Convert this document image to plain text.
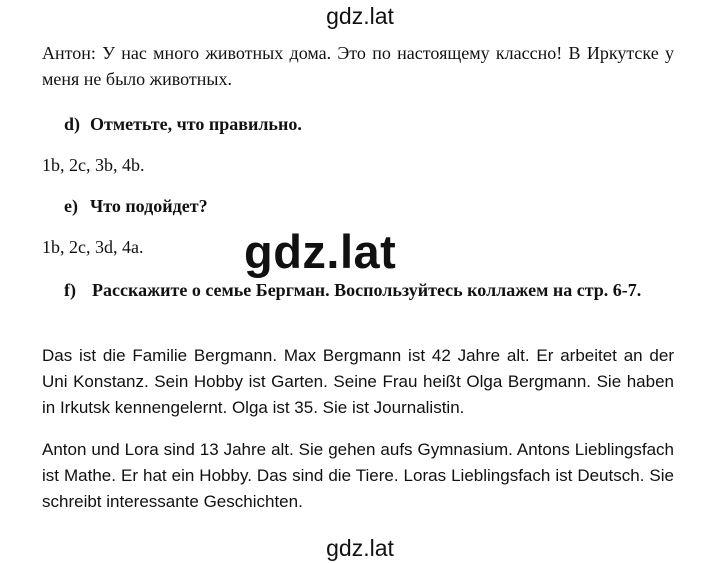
gdz.lat
Антон: У нас много животных дома. Это по настоящему классно! В Иркутске у меня не было животных.
d) Отметьте, что правильно.
1b, 2c, 3b, 4b.
e) Что подойдет?
1b, 2c, 3d, 4a. gdz.lat
f) Расскажите о семье Бергман. Воспользуйтесь коллажем на стр. 6-7.
Das ist die Familie Bergmann. Max Bergmann ist 42 Jahre alt. Er arbeitet an der Uni Konstanz. Sein Hobby ist Garten. Seine Frau heißt Olga Bergmann. Sie haben in Irkutsk kennengelernt. Olga ist 35. Sie ist Journalistin.
Anton und Lora sind 13 Jahre alt. Sie gehen aufs Gymnasium. Antons Lieblingsfach ist Mathe. Er hat ein Hobby. Das sind die Tiere. Loras Lieblingsfach ist Deutsch. Sie schreibt interessante Geschichten.
gdz.lat
